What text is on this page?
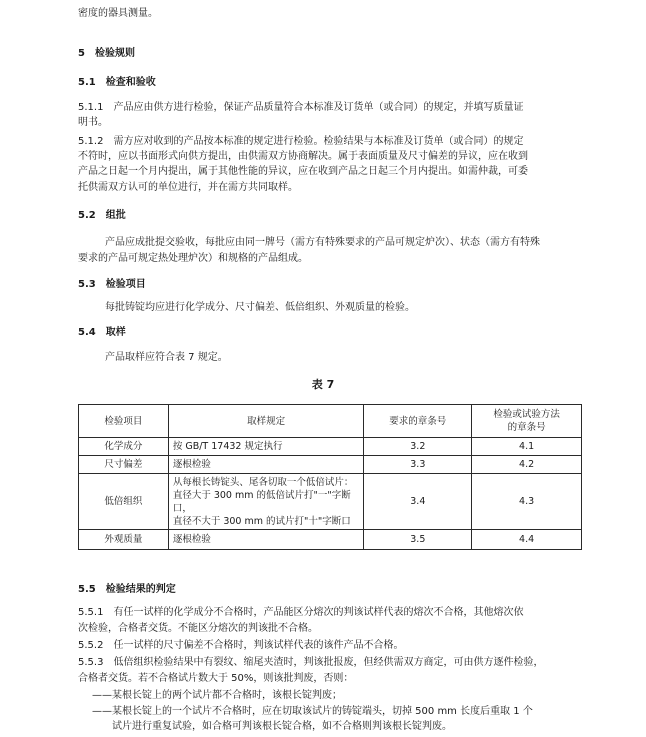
密度的器具测量。
5　检验规则
5.1　检查和验收
5.1.1　产品应由供方进行检验，保证产品质量符合本标准及订货单（或合同）的规定，并填写质量证
明书。
5.1.2　需方应对收到的产品按本标准的规定进行检验。检验结果与本标准及订货单（或合同）的规定
不符时，应以书面形式向供方提出，由供需双方协商解决。属于表面质量及尺寸偏差的异议，应在收到
产品之日起一个月内提出，属于其他性能的异议，应在收到产品之日起三个月内提出。如需仲裁，可委
托供需双方认可的单位进行，并在需方共同取样。
5.2　组批
产品应成批提交验收，每批应由同一牌号（需方有特殊要求的产品可规定炉次）、状态（需方有特殊
要求的产品可规定热处理炉次）和规格的产品组成。
5.3　检验项目
每批铸锭均应进行化学成分、尺寸偏差、低倍组织、外观质量的检验。
5.4　取样
产品取样应符合表 7 规定。
表 7
检验项目	取样规定	要求的章条号	检验或试验方法
的章条号
化学成分	按 GB/T 17432 规定执行	3.2	4.1
尺寸偏差	逐根检验	3.3	4.2
低倍组织	从每根长铸锭头、尾各切取一个低倍试片：
直径大于 300 mm 的低倍试片打"一"字断口，
直径不大于 300 mm 的试片打"十"字断口	3.4	4.3
外观质量	逐根检验	3.5	4.4
5.5　检验结果的判定
5.5.1　有任一试样的化学成分不合格时，产品能区分熔次的判该试样代表的熔次不合格，其他熔次依
次检验，合格者交货。不能区分熔次的判该批不合格。
5.5.2　任一试样的尺寸偏差不合格时，判该试样代表的该件产品不合格。
5.5.3　低倍组织检验结果中有裂纹、缩尾夹渣时，判该批报废，但经供需双方商定，可由供方逐件检验，
合格者交货。若不合格试片数大于 50%，则该批判废，否则：
——某根长锭上的两个试片都不合格时，该根长锭判废；
——某根长锭上的一个试片不合格时，应在切取该试片的铸锭端头，切掉 500 mm 长度后重取 1 个
试片进行重复试验，如合格可判该根长锭合格，如不合格则判该根长锭判废。
